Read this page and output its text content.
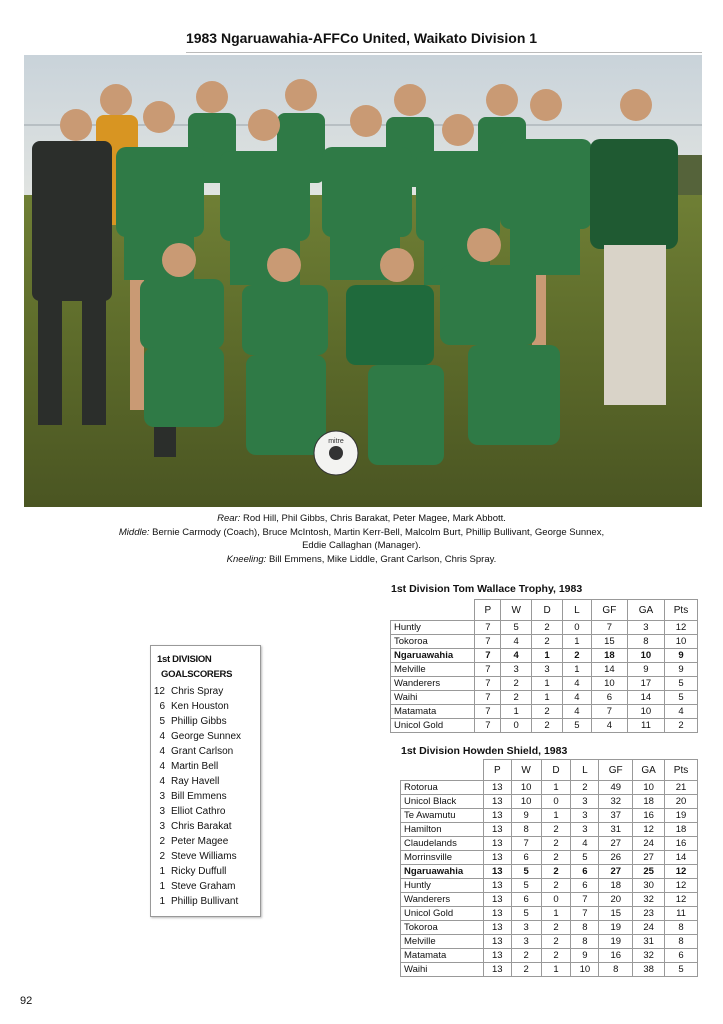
1983 Ngaruawahia-AFFCo United, Waikato Division 1
mitre
Rear: Rod Hill, Phil Gibbs, Chris Barakat, Peter Magee, Mark Abbott.
Middle: Bernie Carmody (Coach), Bruce McIntosh, Martin Kerr-Bell, Malcolm Burt, Phillip Bullivant, George Sunnex,
Eddie Callaghan (Manager).
Kneeling: Bill Emmens, Mike Liddle, Grant Carlson, Chris Spray.
1st DIVISION
GOALSCORERS
12 Chris Spray
6 Ken Houston
5 Phillip Gibbs
4 George Sunnex
4 Grant Carlson
4 Martin Bell
4 Ray Havell
3 Bill Emmens
3 Elliot Cathro
3 Chris Barakat
2 Peter Magee
2 Steve Williams
1 Ricky Duffull
1 Steve Graham
1 Phillip Bullivant
1st Division Tom Wallace Trophy, 1983
	P	W	D	L	GF	GA	Pts
Huntly	7	5	2	0	7	3	12
Tokoroa	7	4	2	1	15	8	10
Ngaruawahia	7	4	1	2	18	10	9
Melville	7	3	3	1	14	9	9
Wanderers	7	2	1	4	10	17	5
Waihi	7	2	1	4	6	14	5
Matamata	7	1	2	4	7	10	4
Unicol Gold	7	0	2	5	4	11	2
1st Division Howden Shield, 1983
	P	W	D	L	GF	GA	Pts
Rotorua	13	10	1	2	49	10	21
Unicol Black	13	10	0	3	32	18	20
Te Awamutu	13	9	1	3	37	16	19
Hamilton	13	8	2	3	31	12	18
Claudelands	13	7	2	4	27	24	16
Morrinsville	13	6	2	5	26	27	14
Ngaruawahia	13	5	2	6	27	25	12
Huntly	13	5	2	6	18	30	12
Wanderers	13	6	0	7	20	32	12
Unicol Gold	13	5	1	7	15	23	11
Tokoroa	13	3	2	8	19	24	8
Melville	13	3	2	8	19	31	8
Matamata	13	2	2	9	16	32	6
Waihi	13	2	1	10	8	38	5
92
